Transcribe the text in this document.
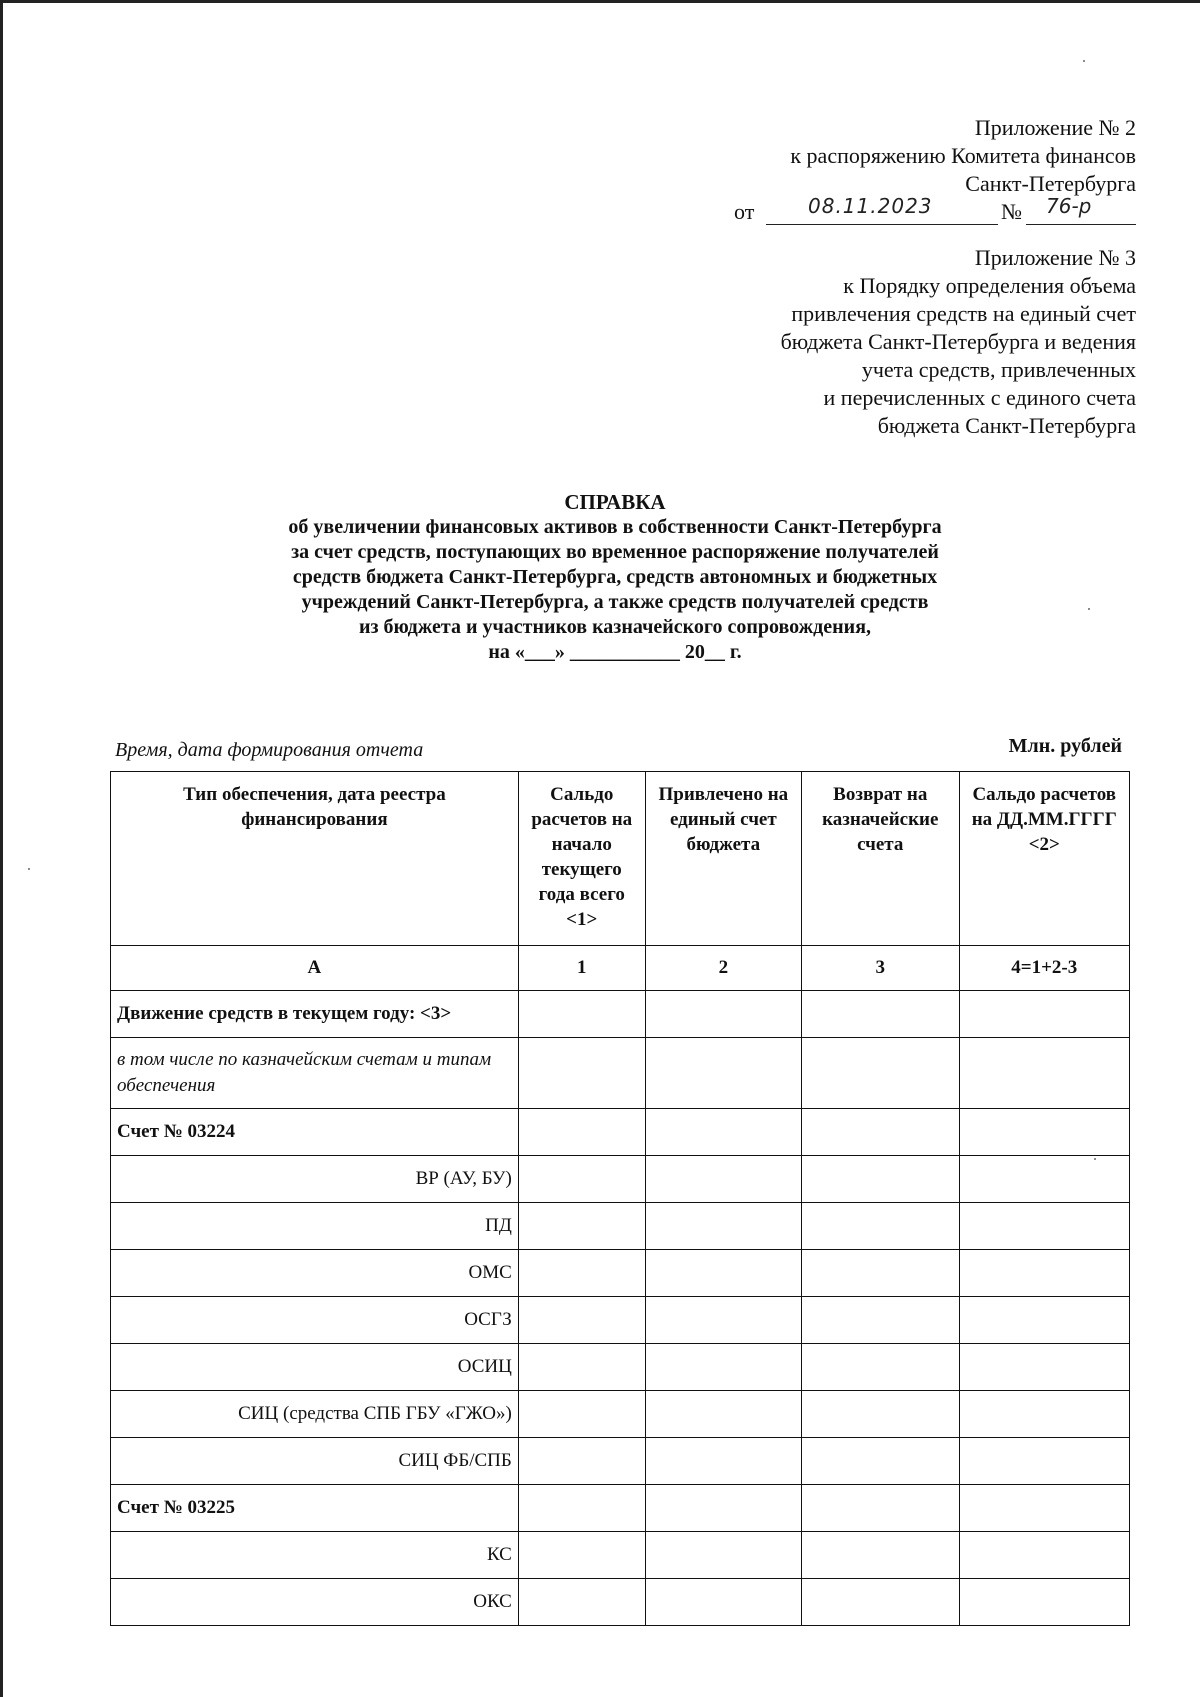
Приложение № 2
к распоряжению Комитета финансов
Санкт-Петербурга
от	08.11.2023	№ 76-р
Приложение № 3
к Порядку определения объема
привлечения средств на единый счет
бюджета Санкт-Петербурга и ведения
учета средств, привлеченных
и перечисленных с единого счета
бюджета Санкт-Петербурга
СПРАВКА
об увеличении финансовых активов в собственности Санкт-Петербурга
за счет средств, поступающих во временное распоряжение получателей
средств бюджета Санкт-Петербурга, средств автономных и бюджетных
учреждений Санкт-Петербурга, а также средств получателей средств
из бюджета и участников казначейского сопровождения,
на «___» ___________ 20__ г.
Время, дата формирования отчета	Млн. рублей
Тип обеспечения, дата реестра финансирования	Сальдо расчетов на начало текущего года всего <1>	Привлечено на единый счет бюджета	Возврат на казначейские счета	Сальдо расчетов на ДД.ММ.ГГГГ <2>
А	1	2	3	4=1+2-3
Движение средств в текущем году: <3>				
в том числе по казначейским счетам и типам обеспечения				
Счет № 03224				
ВР (АУ, БУ)				
ПД				
ОМС				
ОСГЗ				
ОСИЦ				
СИЦ (средства СПБ ГБУ «ГЖО»)				
СИЦ ФБ/СПБ				
Счет № 03225				
КС				
ОКС				
